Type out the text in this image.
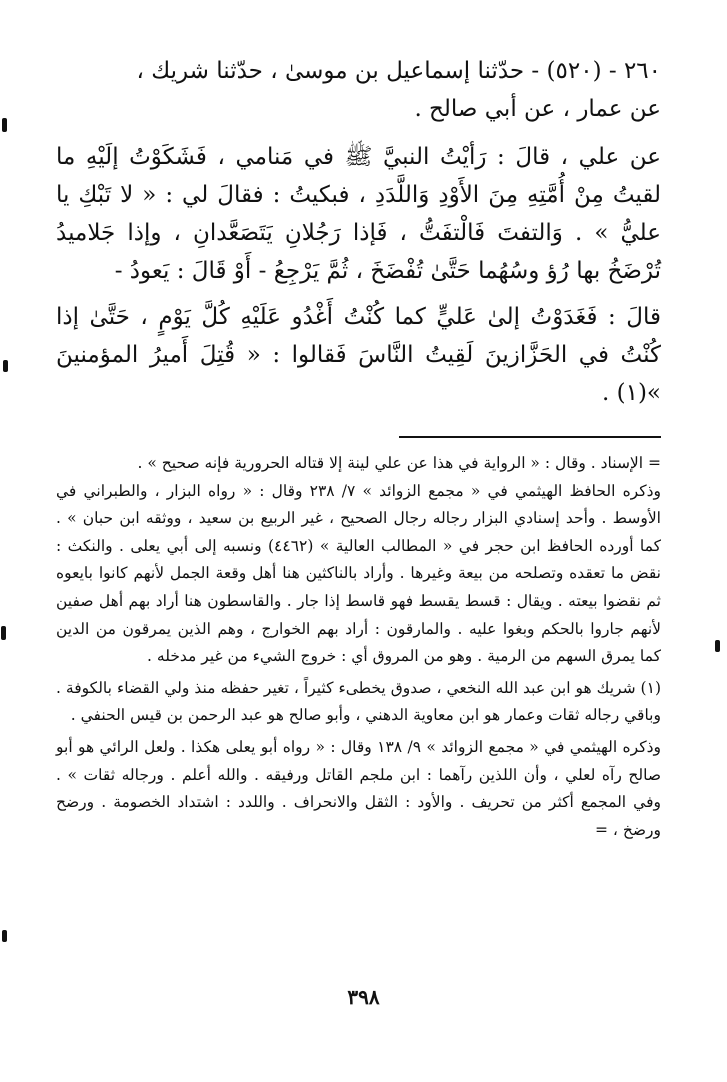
٢٦٠ - (٥٢٠) - حدّثنا إسماعيل بن موسىٰ ، حدّثنا شريك ،

عن عمار ، عن أبي صالح .

عن علي ، قالَ : رَأيْتُ النبيَّ ﷺ في مَنامي ، فَشَكَوْتُ إلَيْهِ ما لقيتُ مِنْ أُمَّتِهِ مِنَ الأَوْدِ وَاللَّدَدِ ، فبكيتُ : فقالَ لي : « لا تَبْكِ يا عليُّ » . وَالتفتَ فَالْتفَتُّ ، فَإذا رَجُلانِ يَتَصَعَّدانِ ، وإذا جَلاميدُ تُرْضَخُ بها رُؤ وسُهُما حَتَّىٰ تُفْضَخَ ، ثُمَّ يَرْجِعُ - أَوْ قَالَ : يَعودُ -

قالَ : فَغَدَوْتُ إلىٰ عَليٍّ كما كُنْتُ أَغْدُو عَلَيْهِ كُلَّ يَوْمٍ ، حَتَّىٰ إذا كُنْتُ في الحَزَّازينَ لَقِيتُ النَّاسَ فَقالوا : « قُتِلَ أَميرُ المؤمنينَ »(١) .

= الإسناد . وقال : « الرواية في هذا عن علي لينة إلا قتاله الحرورية فإنه صحيح » .

وذكره الحافظ الهيثمي في « مجمع الزوائد » ٧/ ٢٣٨ وقال : « رواه البزار ، والطبراني في الأوسط . وأحد إسنادي البزار رجاله رجال الصحيح ، غير الربيع بن سعيد ، ووثقه ابن حبان » . كما أورده الحافظ ابن حجر في « المطالب العالية » (٤٤٦٢) ونسبه إلى أبي يعلى . والنكث : نقض ما تعقده وتصلحه من بيعة وغيرها . وأراد بالناكثين هنا أهل وقعة الجمل لأنهم كانوا بايعوه ثم نقضوا بيعته . ويقال : قسط يقسط فهو قاسط إذا جار . والقاسطون هنا أراد بهم أهل صفين لأنهم جاروا بالحكم وبغوا عليه . والمارقون : أراد بهم الخوارج ، وهم الذين يمرقون من الدين كما يمرق السهم من الرمية . وهو من المروق أي : خروج الشيء من غير مدخله .

(١) شريك هو ابن عبد الله النخعي ، صدوق يخطىء كثيراً ، تغير حفظه منذ ولي القضاء بالكوفة . وباقي رجاله ثقات وعمار هو ابن معاوية الدهني ، وأبو صالح هو عبد الرحمن بن قيس الحنفي .

وذكره الهيثمي في « مجمع الزوائد » ٩/ ١٣٨ وقال : « رواه أبو يعلى هكذا . ولعل الرائي هو أبو صالح رآه لعلي ، وأن اللذين رآهما : ابن ملجم القاتل ورفيقه . والله أعلم . ورجاله ثقات » . وفي المجمع أكثر من تحريف . والأود : الثقل والانحراف . واللدد : اشتداد الخصومة . ورضح ورضخ ، =

٣٩٨
